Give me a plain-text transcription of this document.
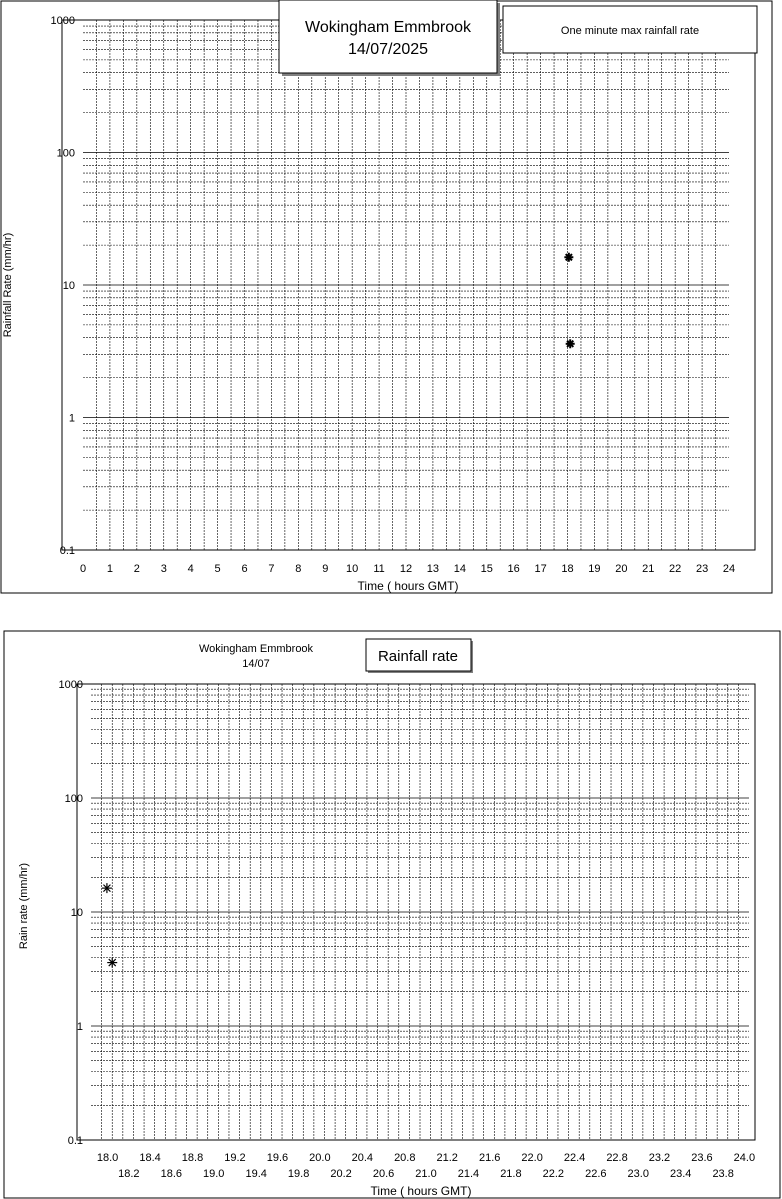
0.1
1
10
100
1000
0 1 2 3 4 5 6 7 8 9 10 11 12 13 14 15 16 17 18 19 20 21 22 23 24
Time ( hours GMT)
Rainfall Rate (mm/hr)
Wokingham Emmbrook
14/07/2025
One minute max rainfall rate
0.1
1
10
100
1000
18.0 18.4 18.8 19.2 19.6 20.0 20.4 20.8 21.2 21.6 22.0 22.4 22.8 23.2 23.6 24.0
18.2 18.6 19.0 19.4 19.8 20.2 20.6 21.0 21.4 21.8 22.2 22.6 23.0 23.4 23.8
Time ( hours GMT)
Rain rate (mm/hr)
Wokingham Emmbrook
14/07	Rainfall rate
